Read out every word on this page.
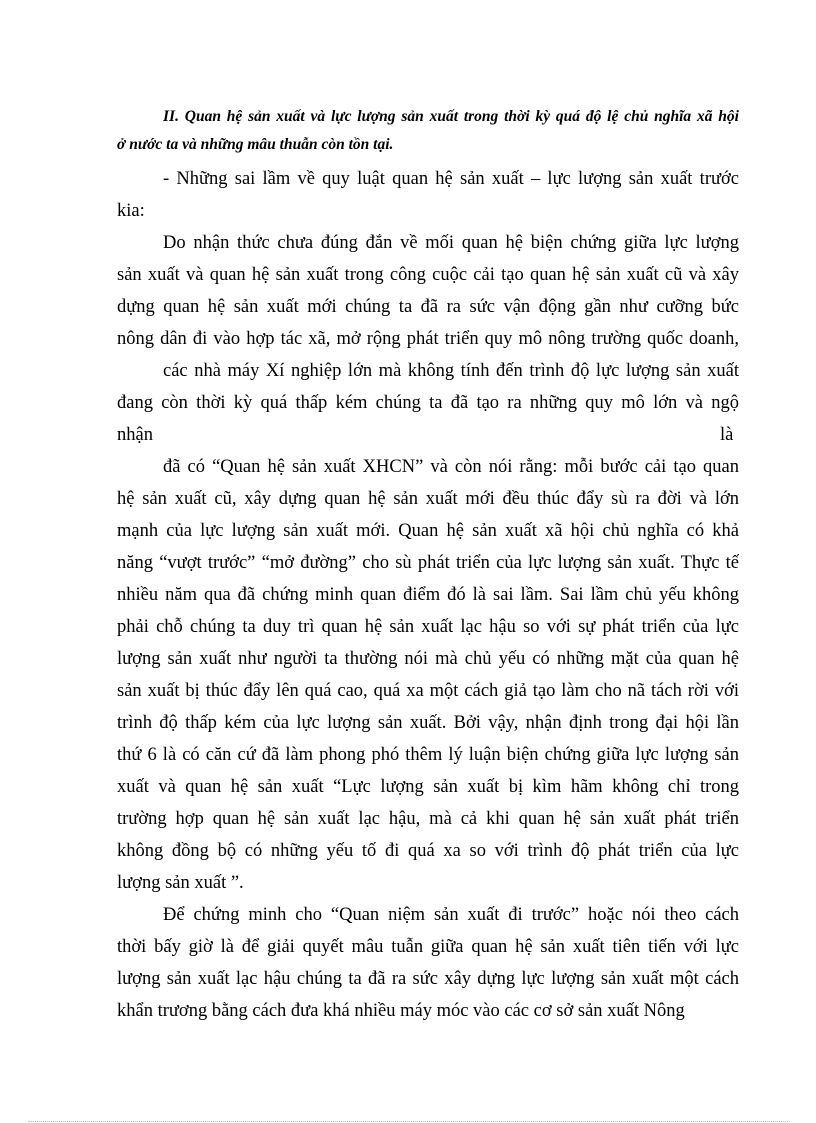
II. Quan hệ sản xuất và lực lượng sản xuất trong thời kỳ quá độ lệ chủ nghĩa xã hội
ở nước ta và những mâu thuẫn còn tồn tại.
- Những sai lầm về quy luật quan hệ sản xuất – lực lượng sản xuất trước
kia:
Do nhận thức chưa đúng đắn về mối quan hệ biện chứng giữa lực lượng
sản xuất và quan hệ sản xuất trong công cuộc cải tạo quan hệ sản xuất cũ và xây
dựng quan hệ sản xuất mới chúng ta đã ra sức vận động gần như cưỡng bức
nông dân đi vào hợp tác xã, mở rộng phát triển quy mô nông trường quốc doanh,
các nhà máy Xí nghiệp lớn mà không tính đến trình độ lực lượng sản xuất
đang còn thời kỳ quá thấp kém chúng ta đã tạo ra những quy mô lớn và ngộ
nhận	là
đã có “Quan hệ sản xuất XHCN” và còn nói rằng: mỗi bước cải tạo quan
hệ sản xuất cũ, xây dựng quan hệ sản xuất mới đều thúc đẩy sù ra đời và lớn
mạnh của lực lượng sản xuất mới. Quan hệ sản xuất xã hội chủ nghĩa có khả
năng “vượt trước” “mở đường” cho sù phát triển của lực lượng sản xuất. Thực tế
nhiều năm qua đã chứng minh quan điểm đó là sai lầm. Sai lầm chủ yếu không
phải chỗ chúng ta duy trì quan hệ sản xuất lạc hậu so với sự phát triển của lực
lượng sản xuất như người ta thường nói mà chủ yếu có những mặt của quan hệ
sản xuất bị thúc đẩy lên quá cao, quá xa một cách giả tạo làm cho nã tách rời với
trình độ thấp kém của lực lượng sản xuất. Bởi vậy, nhận định trong đại hội lần
thứ 6 là có căn cứ đã làm phong phó thêm lý luận biện chứng giữa lực lượng sản
xuất và quan hệ sản xuất “Lực lượng sản xuất bị kìm hãm không chỉ trong
trường hợp quan hệ sản xuất lạc hậu, mà cả khi quan hệ sản xuất phát triển
không đồng bộ có những yếu tố đi quá xa so với trình độ phát triển của lực
lượng sản xuất ”.
Để chứng minh cho “Quan niệm sản xuất đi trước” hoặc nói theo cách
thời bấy giờ là để giải quyết mâu tuẫn giữa quan hệ sản xuất tiên tiến với lực
lượng sản xuất lạc hậu chúng ta đã ra sức xây dựng lực lượng sản xuất một cách
khẩn trương bằng cách đưa khá nhiều máy móc vào các cơ sở sản xuất Nông
